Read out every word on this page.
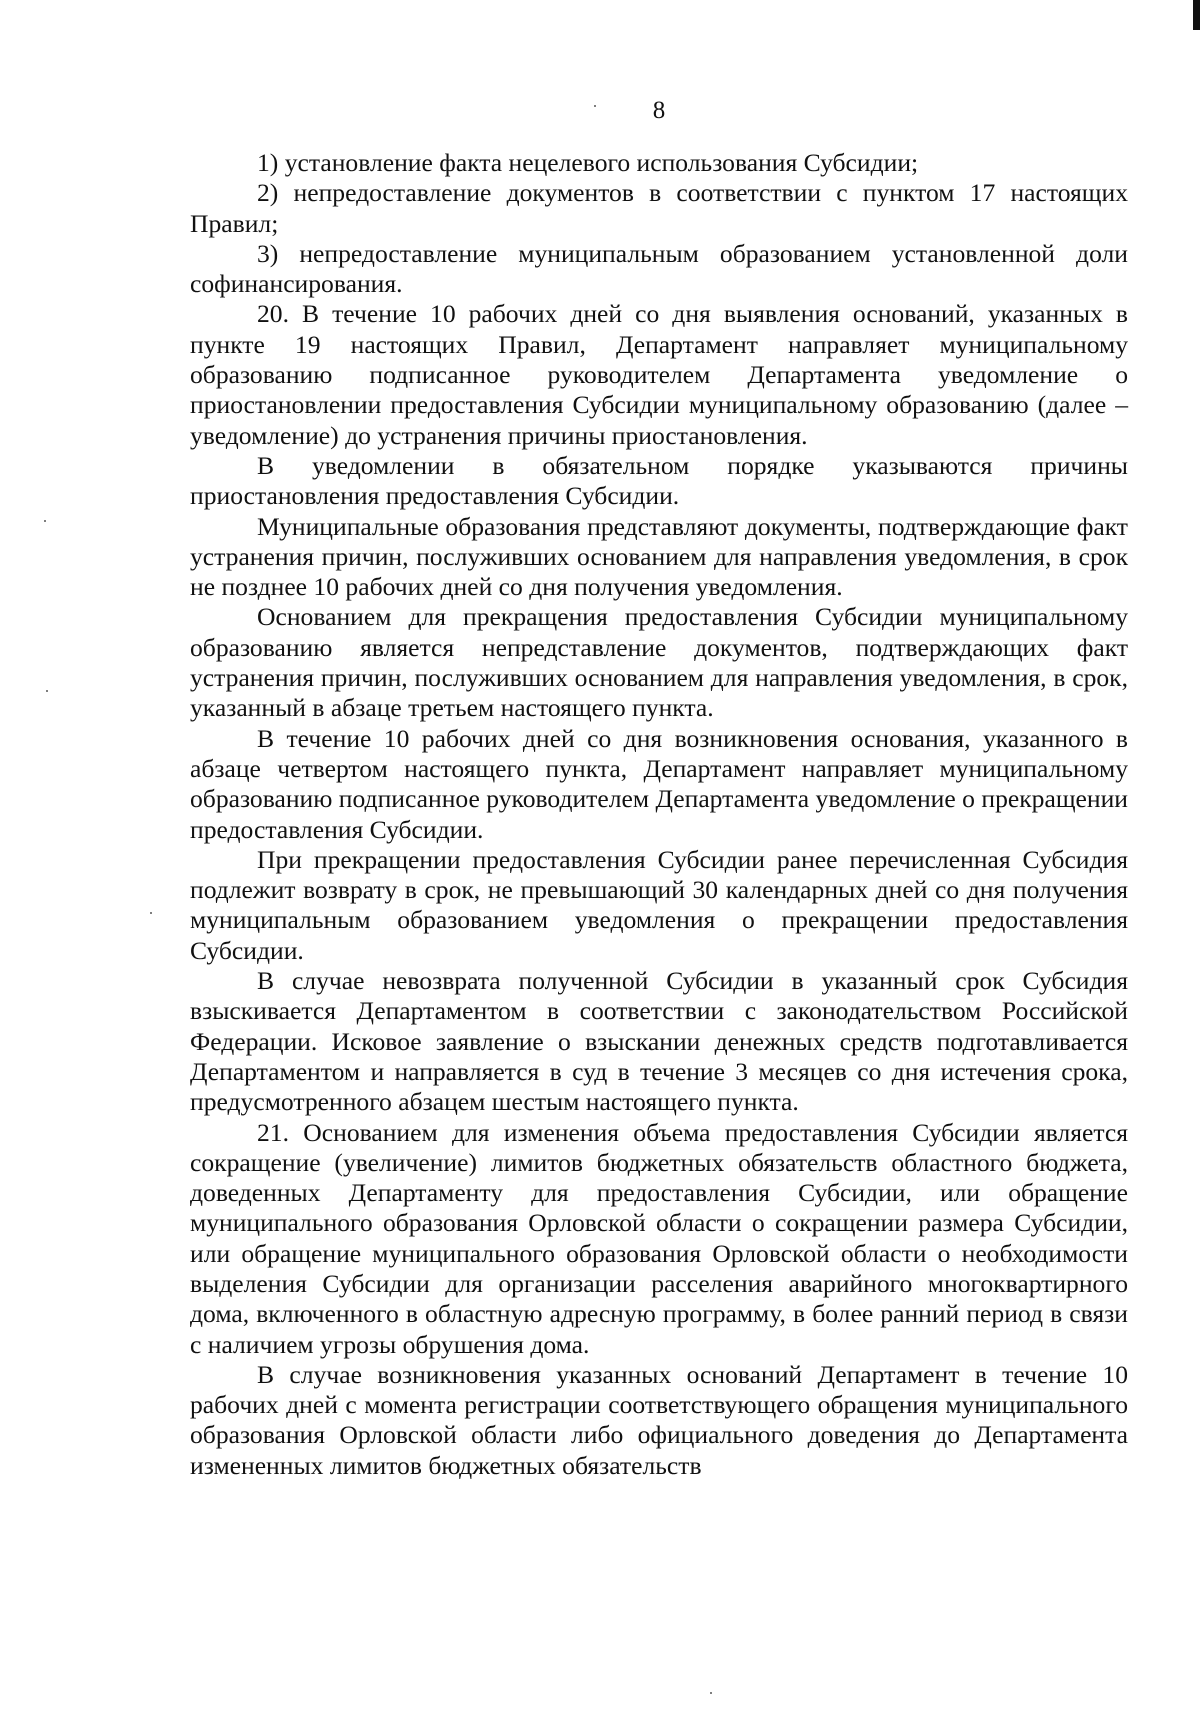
8

1) установление факта нецелевого использования Субсидии;

2) непредоставление документов в соответствии с пунктом 17 настоящих Правил;

3) непредоставление муниципальным образованием установленной доли софинансирования.

20. В течение 10 рабочих дней со дня выявления оснований, указанных в пункте 19 настоящих Правил, Департамент направляет муниципальному образованию подписанное руководителем Департамента уведомление о приостановлении предоставления Субсидии муниципальному образованию (далее – уведомление) до устранения причины приостановления.

В уведомлении в обязательном порядке указываются причины приостановления предоставления Субсидии.

Муниципальные образования представляют документы, подтверждающие факт устранения причин, послуживших основанием для направления уведомления, в срок не позднее 10 рабочих дней со дня получения уведомления.

Основанием для прекращения предоставления Субсидии муниципальному образованию является непредставление документов, подтверждающих факт устранения причин, послуживших основанием для направления уведомления, в срок, указанный в абзаце третьем настоящего пункта.

В течение 10 рабочих дней со дня возникновения основания, указанного в абзаце четвертом настоящего пункта, Департамент направляет муниципальному образованию подписанное руководителем Департамента уведомление о прекращении предоставления Субсидии.

При прекращении предоставления Субсидии ранее перечисленная Субсидия подлежит возврату в срок, не превышающий 30 календарных дней со дня получения муниципальным образованием уведомления о прекращении предоставления Субсидии.

В случае невозврата полученной Субсидии в указанный срок Субсидия взыскивается Департаментом в соответствии с законодательством Российской Федерации. Исковое заявление о взыскании денежных средств подготавливается Департаментом и направляется в суд в течение 3 месяцев со дня истечения срока, предусмотренного абзацем шестым настоящего пункта.

21. Основанием для изменения объема предоставления Субсидии является сокращение (увеличение) лимитов бюджетных обязательств областного бюджета, доведенных Департаменту для предоставления Субсидии, или обращение муниципального образования Орловской области о сокращении размера Субсидии, или обращение муниципального образования Орловской области о необходимости выделения Субсидии для организации расселения аварийного многоквартирного дома, включенного в областную адресную программу, в более ранний период в связи с наличием угрозы обрушения дома.

В случае возникновения указанных оснований Департамент в течение 10 рабочих дней с момента регистрации соответствующего обращения муниципального образования Орловской области либо официального доведения до Департамента измененных лимитов бюджетных обязательств
